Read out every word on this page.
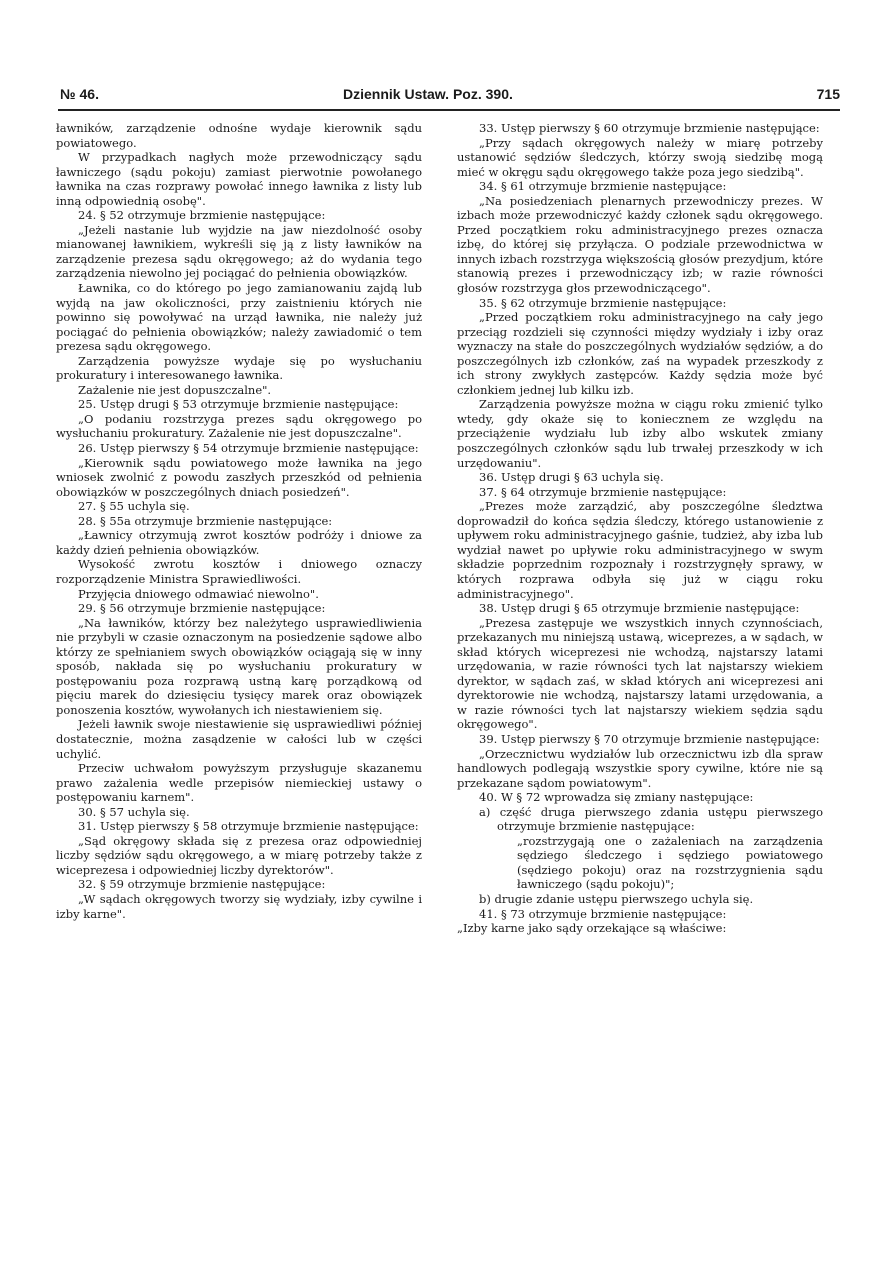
№ 46.	Dziennik Ustaw. Poz. 390.	715

ławników, zarządzenie odnośne wydaje kierownik sądu powiatowego.

W przypadkach nagłych może przewodniczący sądu ławniczego (sądu pokoju) zamiast pierwotnie powołanego ławnika na czas rozprawy powołać innego ławnika z listy lub inną odpowiednią osobę".

24. § 52 otrzymuje brzmienie następujące:

„Jeżeli nastanie lub wyjdzie na jaw niezdolność osoby mianowanej ławnikiem, wykreśli się ją z listy ławników na zarządzenie prezesa sądu okręgowego; aż do wydania tego zarządzenia niewolno jej pociągać do pełnienia obowiązków.

Ławnika, co do którego po jego zamianowaniu zajdą lub wyjdą na jaw okoliczności, przy zaistnieniu których nie powinno się powoływać na urząd ławnika, nie należy już pociągać do pełnienia obowiązków; należy zawiadomić o tem prezesa sądu okręgowego.

Zarządzenia powyższe wydaje się po wysłuchaniu prokuratury i interesowanego ławnika.

Zażalenie nie jest dopuszczalne".

25. Ustęp drugi § 53 otrzymuje brzmienie następujące:

„O podaniu rozstrzyga prezes sądu okręgowego po wysłuchaniu prokuratury. Zażalenie nie jest dopuszczalne".

26. Ustęp pierwszy § 54 otrzymuje brzmienie następujące:

„Kierownik sądu powiatowego może ławnika na jego wniosek zwolnić z powodu zaszłych przeszkód od pełnienia obowiązków w poszczególnych dniach posiedzeń".

27. § 55 uchyla się.

28. § 55a otrzymuje brzmienie następujące:

„Ławnicy otrzymują zwrot kosztów podróży i dniowe za każdy dzień pełnienia obowiązków.

Wysokość zwrotu kosztów i dniowego oznaczy rozporządzenie Ministra Sprawiedliwości.

Przyjęcia dniowego odmawiać niewolno".

29. § 56 otrzymuje brzmienie następujące:

„Na ławników, którzy bez należytego usprawiedliwienia nie przybyli w czasie oznaczonym na posiedzenie sądowe albo którzy ze spełnianiem swych obowiązków ociągają się w inny sposób, nakłada się po wysłuchaniu prokuratury w postępowaniu poza rozprawą ustną karę porządkową od pięciu marek do dziesięciu tysięcy marek oraz obowiązek ponoszenia kosztów, wywołanych ich niestawieniem się.

Jeżeli ławnik swoje niestawienie się usprawiedliwi później dostatecznie, można zasądzenie w całości lub w części uchylić.

Przeciw uchwałom powyższym przysługuje skazanemu prawo zażalenia wedle przepisów niemieckiej ustawy o postępowaniu karnem".

30. § 57 uchyla się.

31. Ustęp pierwszy § 58 otrzymuje brzmienie następujące:

„Sąd okręgowy składa się z prezesa oraz odpowiedniej liczby sędziów sądu okręgowego, a w miarę potrzeby także z wiceprezesa i odpowiedniej liczby dyrektorów".

32. § 59 otrzymuje brzmienie następujące:

„W sądach okręgowych tworzy się wydziały, izby cywilne i izby karne".

33. Ustęp pierwszy § 60 otrzymuje brzmienie następujące:

„Przy sądach okręgowych należy w miarę potrzeby ustanowić sędziów śledczych, którzy swoją siedzibę mogą mieć w okręgu sądu okręgowego także poza jego siedzibą".

34. § 61 otrzymuje brzmienie następujące:

„Na posiedzeniach plenarnych przewodniczy prezes. W izbach może przewodniczyć każdy członek sądu okręgowego. Przed początkiem roku administracyjnego prezes oznacza izbę, do której się przyłącza. O podziale przewodnictwa w innych izbach rozstrzyga większością głosów prezydjum, które stanowią prezes i przewodniczący izb; w razie równości głosów rozstrzyga głos przewodniczącego".

35. § 62 otrzymuje brzmienie następujące:

„Przed początkiem roku administracyjnego na cały jego przeciąg rozdzieli się czynności między wydziały i izby oraz wyznaczy na stałe do poszczególnych wydziałów sędziów, a do poszczególnych izb członków, zaś na wypadek przeszkody z ich strony zwykłych zastępców. Każdy sędzia może być członkiem jednej lub kilku izb.

Zarządzenia powyższe można w ciągu roku zmienić tylko wtedy, gdy okaże się to koniecznem ze względu na przeciążenie wydziału lub izby albo wskutek zmiany poszczególnych członków sądu lub trwałej przeszkody w ich urzędowaniu".

36. Ustęp drugi § 63 uchyla się.

37. § 64 otrzymuje brzmienie następujące:

„Prezes może zarządzić, aby poszczególne śledztwa doprowadził do końca sędzia śledczy, którego ustanowienie z upływem roku administracyjnego gaśnie, tudzież, aby izba lub wydział nawet po upływie roku administracyjnego w swym składzie poprzednim rozpoznały i rozstrzygnęły sprawy, w których rozprawa odbyła się już w ciągu roku administracyjnego".

38. Ustęp drugi § 65 otrzymuje brzmienie następujące:

„Prezesa zastępuje we wszystkich innych czynnościach, przekazanych mu niniejszą ustawą, wiceprezes, a w sądach, w skład których wiceprezesi nie wchodzą, najstarszy latami urzędowania, w razie równości tych lat najstarszy wiekiem dyrektor, w sądach zaś, w skład których ani wiceprezesi ani dyrektorowie nie wchodzą, najstarszy latami urzędowania, a w razie równości tych lat najstarszy wiekiem sędzia sądu okręgowego".

39. Ustęp pierwszy § 70 otrzymuje brzmienie następujące:

„Orzecznictwu wydziałów lub orzecznictwu izb dla spraw handlowych podlegają wszystkie spory cywilne, które nie są przekazane sądom powiatowym".

40. W § 72 wprowadza się zmiany następujące:

a) część druga pierwszego zdania ustępu pierwszego otrzymuje brzmienie następujące:

„rozstrzygają one o zażaleniach na zarządzenia sędziego śledczego i sędziego powiatowego (sędziego pokoju) oraz na rozstrzygnienia sądu ławniczego (sądu pokoju)";

b) drugie zdanie ustępu pierwszego uchyla się.

41. § 73 otrzymuje brzmienie następujące:

„Izby karne jako sądy orzekające są właściwe:
